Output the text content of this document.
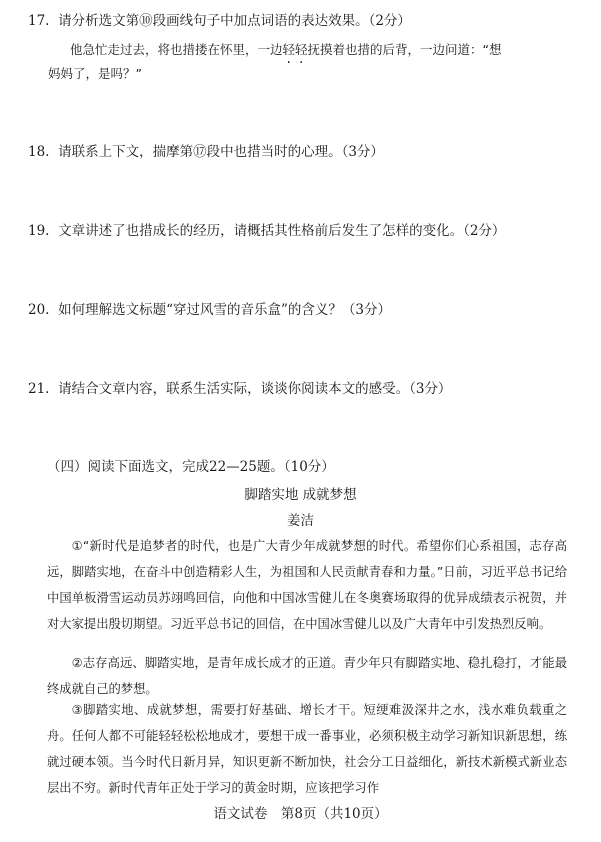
17. 请分析选文第⑩段画线句子中加点词语的表达效果。（2分）
他急忙走过去，将也措搂在怀里，一边轻轻抚摸着也措的后背，一边问道：“想
妈妈了，是吗？”
18. 请联系上下文，揣摩第⑰段中也措当时的心理。（3分）
19. 文章讲述了也措成长的经历，请概括其性格前后发生了怎样的变化。（2分）
20. 如何理解选文标题“穿过风雪的音乐盒”的含义？（3分）
21. 请结合文章内容，联系生活实际，谈谈你阅读本文的感受。（3分）
（四）阅读下面选文，完成22—25题。（10分）
脚踏实地 成就梦想
姜洁
①“新时代是追梦者的时代，也是广大青少年成就梦想的时代。希望你们心系祖国，志存高远，脚踏实地，在奋斗中创造精彩人生，为祖国和人民贡献青春和力量。”日前，习近平总书记给中国单板滑雪运动员苏翊鸣回信，向他和中国冰雪健儿在冬奥赛场取得的优异成绩表示祝贺，并对大家提出殷切期望。习近平总书记的回信，在中国冰雪健儿以及广大青年中引发热烈反响。
②志存高远、脚踏实地，是青年成长成才的正道。青少年只有脚踏实地、稳扎稳打，才能最终成就自己的梦想。
③脚踏实地、成就梦想，需要打好基础、增长才干。短绠难汲深井之水，浅水难负载重之舟。任何人都不可能轻轻松松地成才，要想干成一番事业，必须积极主动学习新知识新思想，练就过硬本领。当今时代日新月异，知识更新不断加快，社会分工日益细化，新技术新模式新业态层出不穷。新时代青年正处于学习的黄金时期，应该把学习作
语文试卷　第8页（共10页）
